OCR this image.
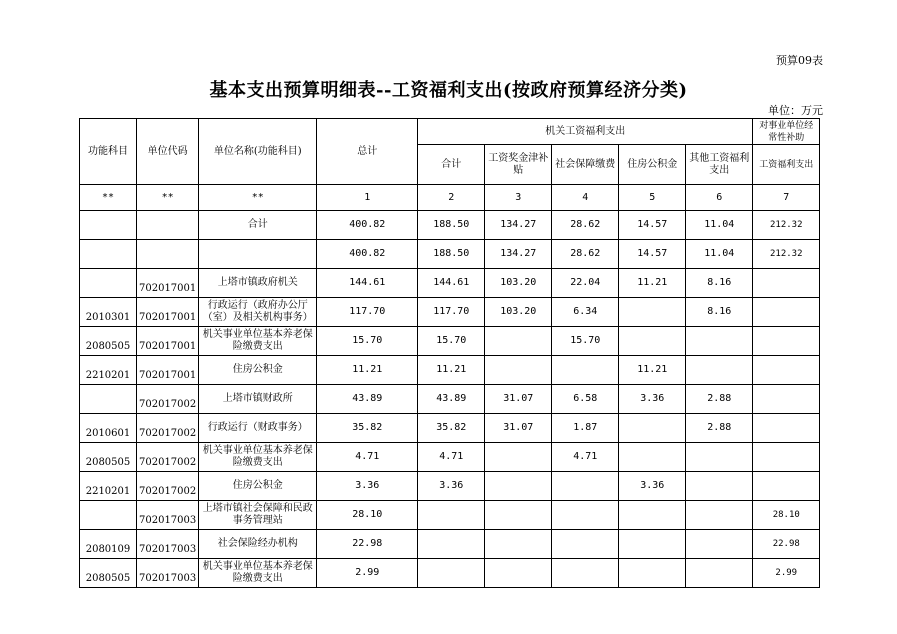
预算09表
基本支出预算明细表--工资福利支出(按政府预算经济分类)
单位：万元
功能科目	单位代码	单位名称(功能科目)	总计	机关工资福利支出					对事业单位经常性补助
				合计	工资奖金津补贴	社会保障缴费	住房公积金	其他工资福利支出	工资福利支出
**	**	**	1	2	3	4	5	6	7
		合计	400.82	188.50	134.27	28.62	14.57	11.04	212.32
			400.82	188.50	134.27	28.62	14.57	11.04	212.32
	702017001	上塔市镇政府机关	144.61	144.61	103.20	22.04	11.21	8.16	
2010301	702017001	行政运行（政府办公厅（室）及相关机构事务）	117.70	117.70	103.20	6.34		8.16	
2080505	702017001	机关事业单位基本养老保险缴费支出	15.70	15.70		15.70			
2210201	702017001	住房公积金	11.21	11.21			11.21		
	702017002	上塔市镇财政所	43.89	43.89	31.07	6.58	3.36	2.88	
2010601	702017002	行政运行（财政事务）	35.82	35.82	31.07	1.87		2.88	
2080505	702017002	机关事业单位基本养老保险缴费支出	4.71	4.71		4.71			
2210201	702017002	住房公积金	3.36	3.36			3.36		
	702017003	上塔市镇社会保障和民政事务管理站	28.10						28.10
2080109	702017003	社会保险经办机构	22.98						22.98
2080505	702017003	机关事业单位基本养老保险缴费支出	2.99						2.99
